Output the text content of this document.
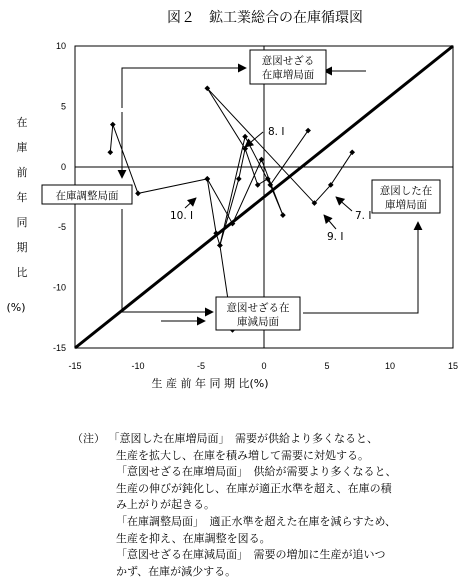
図２　鉱工業総合の在庫循環図
10
5
0
-5
-10
-15
-15	-10	-5	0	5	10	15
在
庫
前
年
同
期
比
(%)
生 産 前 年 同 期 比(%)
意図せざる
在庫増局面
在庫調整局面	意図した在
庫増局面
意図せざる在
庫減局面
8. I
10. I	7. I
9. I
（注） 「意図した在庫増局面」　需要が供給より多くなると、
生産を拡大し、在庫を積み増して需要に対処する。
「意図せざる在庫増局面」　供給が需要より多くなると、
生産の伸びが鈍化し、在庫が適正水準を超え、在庫の積
み上がりが起きる。
「在庫調整局面」　適正水準を超えた在庫を減らすため、
生産を抑え、在庫調整を図る。
「意図せざる在庫減局面」　需要の増加に生産が追いつ
かず、在庫が減少する。
